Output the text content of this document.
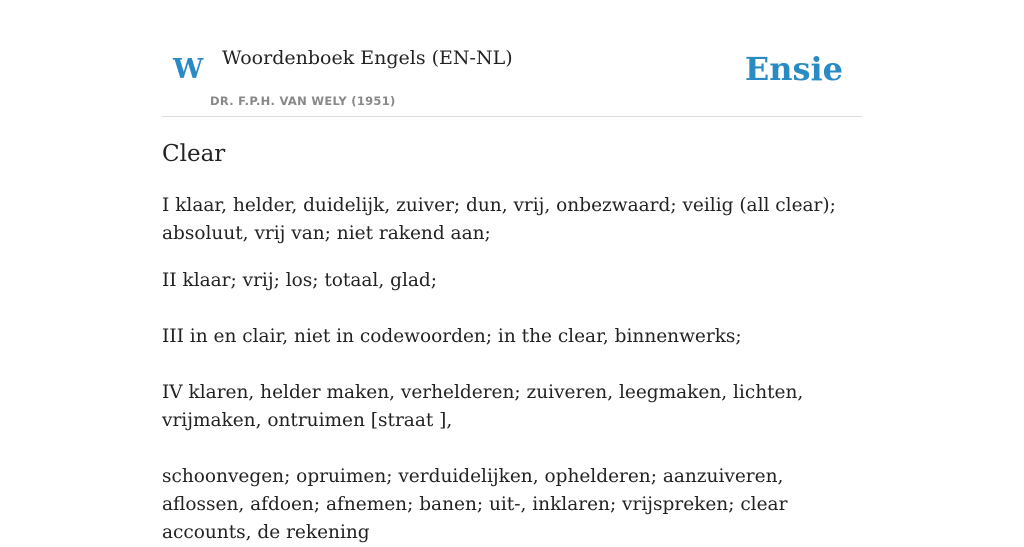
W Woordenboek Engels (EN-NL)
DR. F.P.H. VAN WELY (1951)
Ensie
Clear

I klaar, helder, duidelijk, zuiver; dun, vrij, onbezwaard; veilig (all clear); absoluut, vrij van; niet rakend aan;

II klaar; vrij; los; totaal, glad;

III in en clair, niet in codewoorden; in the clear, binnenwerks;

IV klaren, helder maken, verhelderen; zuiveren, leegmaken, lichten, vrijmaken, ontruimen [straat ],

schoonvegen; opruimen; verduidelijken, ophelderen; aanzuiveren, aflossen, afdoen; afnemen; banen; uit-, inklaren; vrijspreken; clear accounts, de rekening
